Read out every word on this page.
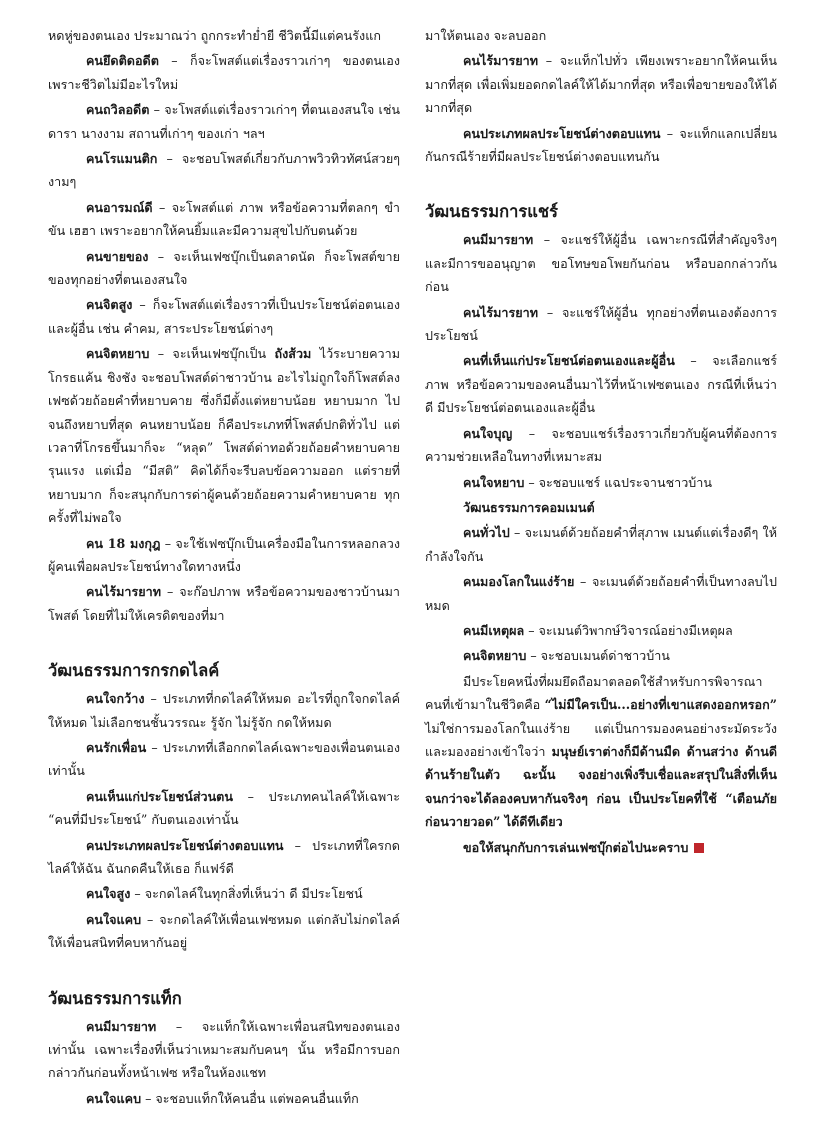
หดหู่ของตนเอง ประมาณว่า ถูกกระทำย่ำยี ชีวิตนี้มีแต่คนรังแก

คนยึดติดอดีต – ก็จะโพสต์แต่เรื่องราวเก่าๆ ของตนเอง เพราะชีวิตไม่มีอะไรใหม่

คนถวิลอดีต – จะโพสต์แต่เรื่องราวเก่าๆ ที่ตนเองสนใจ เช่น ดารา นางงาม สถานที่เก่าๆ ของเก่า ฯลฯ

คนโรแมนติก – จะชอบโพสต์เกี่ยวกับภาพวิวทิวทัศน์สวยๆ งามๆ

คนอารมณ์ดี – จะโพสต์แต่ ภาพ หรือข้อความที่ตลกๆ ขำขัน เฮฮา เพราะอยากให้คนยิ้มและมีความสุขไปกับตนด้วย

คนขายของ – จะเห็นเฟซบุ๊กเป็นตลาดนัด ก็จะโพสต์ขายของทุกอย่างที่ตนเองสนใจ

คนจิตสูง – ก็จะโพสต์แต่เรื่องราวที่เป็นประโยชน์ต่อตนเองและผู้อื่น เช่น คำคม, สาระประโยชน์ต่างๆ

คนจิตหยาบ – จะเห็นเฟซบุ๊กเป็น ถังส้วม ไว้ระบายความโกรธแค้น ชิงชัง จะชอบโพสต์ด่าชาวบ้าน อะไรไม่ถูกใจก็โพสต์ลงเฟซด้วยถ้อยคำที่หยาบคาย ซึ่งก็มีตั้งแต่หยาบน้อย หยาบมาก ไปจนถึงหยาบที่สุด คนหยาบน้อย ก็คือประเภทที่โพสต์ปกติทั่วไป แต่เวลาที่โกรธขึ้นมาก็จะ “หลุด” โพสต์ด่าทอด้วยถ้อยคำหยาบคายรุนแรง แต่เมื่อ “มีสติ” คิดได้ก็จะรีบลบข้อความออก แต่รายที่หยาบมาก ก็จะสนุกกับการด่าผู้คนด้วยถ้อยความคำหยาบคาย ทุกครั้งที่ไม่พอใจ

คน 18 มงกุฎ – จะใช้เฟซบุ๊กเป็นเครื่องมือในการหลอกลวงผู้คนเพื่อผลประโยชน์ทางใดทางหนึ่ง

คนไร้มารยาท – จะก๊อปภาพ หรือข้อความของชาวบ้านมาโพสต์ โดยที่ไม่ให้เครดิตของที่มา

วัฒนธรรมการกรกดไลค์

คนใจกว้าง – ประเภทที่กดไลค์ให้หมด อะไรที่ถูกใจกดไลค์ให้หมด ไม่เลือกชนชั้นวรรณะ รู้จัก ไม่รู้จัก กดให้หมด

คนรักเพื่อน – ประเภทที่เลือกกดไลค์เฉพาะของเพื่อนตนเองเท่านั้น

คนเห็นแก่ประโยชน์ส่วนตน – ประเภทคนไลค์ให้เฉพาะ “คนที่มีประโยชน์” กับตนเองเท่านั้น

คนประเภทผลประโยชน์ต่างตอบแทน – ประเภทที่ใครกดไลค์ให้ฉัน ฉันกดคืนให้เธอ ก็แฟร์ดี

คนใจสูง – จะกดไลค์ในทุกสิ่งที่เห็นว่า ดี มีประโยชน์

คนใจแคบ – จะกดไลค์ให้เพื่อนเฟซหมด แต่กลับไม่กดไลค์ให้เพื่อนสนิทที่คบหากันอยู่

วัฒนธรรมการแท็ก

คนมีมารยาท – จะแท็กให้เฉพาะเพื่อนสนิทของตนเองเท่านั้น เฉพาะเรื่องที่เห็นว่าเหมาะสมกับคนๆ นั้น หรือมีการบอกกล่าวกันก่อนทั้งหน้าเฟซ หรือในห้องแชท

คนใจแคบ – จะชอบแท็กให้คนอื่น แต่พอคนอื่นแท็ก

มาให้ตนเอง จะลบออก

คนไร้มารยาท – จะแท็กไปทั่ว เพียงเพราะอยากให้คนเห็นมากที่สุด เพื่อเพิ่มยอดกดไลค์ให้ได้มากที่สุด หรือเพื่อขายของให้ได้มากที่สุด

คนประเภทผลประโยชน์ต่างตอบแทน – จะแท็กแลกเปลี่ยนกันกรณีร้ายที่มีผลประโยชน์ต่างตอบแทนกัน

วัฒนธรรมการแชร์

คนมีมารยาท – จะแชร์ให้ผู้อื่น เฉพาะกรณีที่สำคัญจริงๆ และมีการขออนุญาต ขอโทษขอโพยกันก่อน หรือบอกกล่าวกันก่อน

คนไร้มารยาท – จะแชร์ให้ผู้อื่น ทุกอย่างที่ตนเองต้องการประโยชน์

คนที่เห็นแก่ประโยชน์ต่อตนเองและผู้อื่น – จะเลือกแชร์ภาพ หรือข้อความของคนอื่นมาไว้ที่หน้าเฟซตนเอง กรณีที่เห็นว่า ดี มีประโยชน์ต่อตนเองและผู้อื่น

คนใจบุญ – จะชอบแชร์เรื่องราวเกี่ยวกับผู้คนที่ต้องการความช่วยเหลือในทางที่เหมาะสม

คนใจหยาบ – จะชอบแชร์ แฉประจานชาวบ้าน

วัฒนธรรมการคอมเมนต์

คนทั่วไป – จะเมนต์ด้วยถ้อยคำที่สุภาพ เมนต์แต่เรื่องดีๆ ให้กำลังใจกัน

คนมองโลกในแง่ร้าย – จะเมนต์ด้วยถ้อยคำที่เป็นทางลบไปหมด

คนมีเหตุผล – จะเมนต์วิพากษ์วิจารณ์อย่างมีเหตุผล

คนจิตหยาบ – จะชอบเมนต์ด่าชาวบ้าน

มีประโยคหนึ่งที่ผมยึดถือมาตลอดใช้สำหรับการพิจารณาคนที่เข้ามาในชีวิตคือ “ไม่มีใครเป็น...อย่างที่เขาแสดงออกหรอก” ไม่ใช่การมองโลกในแง่ร้าย แต่เป็นการมองคนอย่างระมัดระวังและมองอย่างเข้าใจว่า มนุษย์เราต่างก็มีด้านมืด ด้านสว่าง ด้านดี ด้านร้ายในตัว ฉะนั้น จงอย่างเพิ่งรีบเชื่อและสรุปในสิ่งที่เห็น จนกว่าจะได้ลองคบหากันจริงๆ ก่อน เป็นประโยคที่ใช้ “เตือนภัยก่อนวายวอด” ได้ดีทีเดียว

ขอให้สนุกกับการเล่นเฟซบุ๊กต่อไปนะคราบ
